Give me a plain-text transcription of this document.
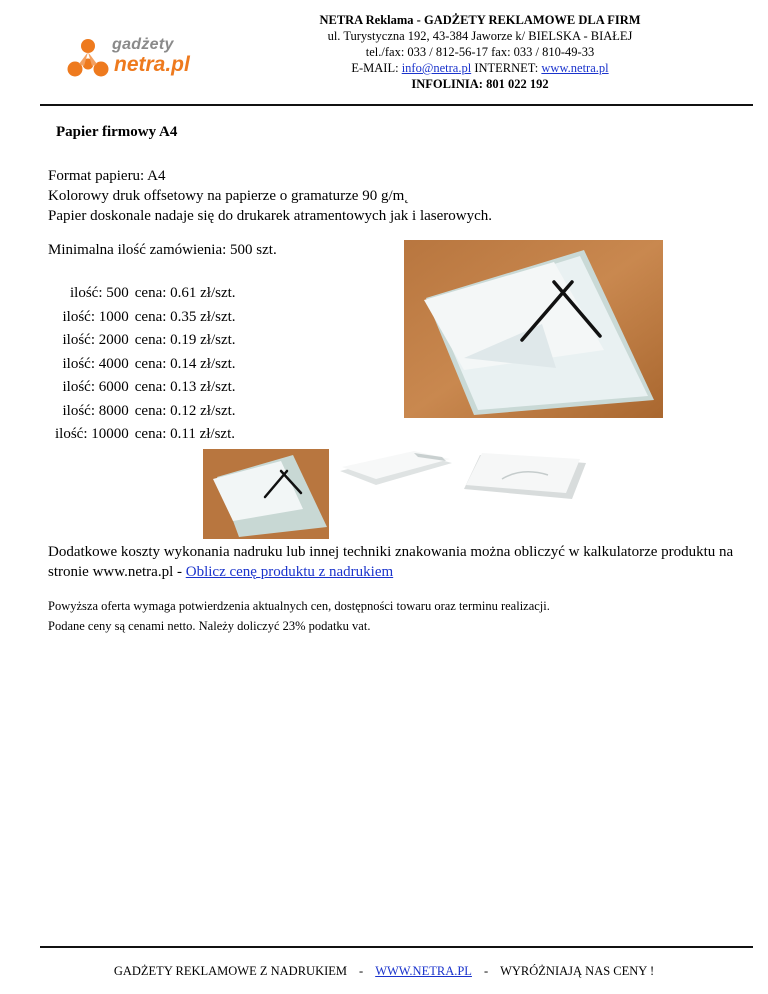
gadżety
netra.pl
NETRA Reklama - GADŻETY REKLAMOWE DLA FIRM
ul. Turystyczna 192, 43-384 Jaworze k/ BIELSKA - BIAŁEJ
tel./fax: 033 / 812-56-17 fax: 033 / 810-49-33
E-MAIL: info@netra.pl INTERNET: www.netra.pl
INFOLINIA: 801 022 192
Papier firmowy A4
Format papieru: A4
Kolorowy druk offsetowy na papierze o gramaturze 90 g/m˛
Papier doskonale nadaje się do drukarek atramentowych jak i laserowych.
Minimalna ilość zamówienia: 500 szt.
ilość: 500	cena: 0.61 zł/szt.
ilość: 1000	cena: 0.35 zł/szt.
ilość: 2000	cena: 0.19 zł/szt.
ilość: 4000	cena: 0.14 zł/szt.
ilość: 6000	cena: 0.13 zł/szt.
ilość: 8000	cena: 0.12 zł/szt.
ilość: 10000	cena: 0.11 zł/szt.
Dodatkowe koszty wykonania nadruku lub innej techniki znakowania można obliczyć w kalkulatorze produktu na stronie www.netra.pl - Oblicz cenę produktu z nadrukiem
Powyższa oferta wymaga potwierdzenia aktualnych cen, dostępności towaru oraz terminu realizacji.
Podane ceny są cenami netto. Należy doliczyć 23% podatku vat.
GADŻETY REKLAMOWE Z NADRUKIEM - WWW.NETRA.PL - WYRÓŻNIAJĄ NAS CENY !
